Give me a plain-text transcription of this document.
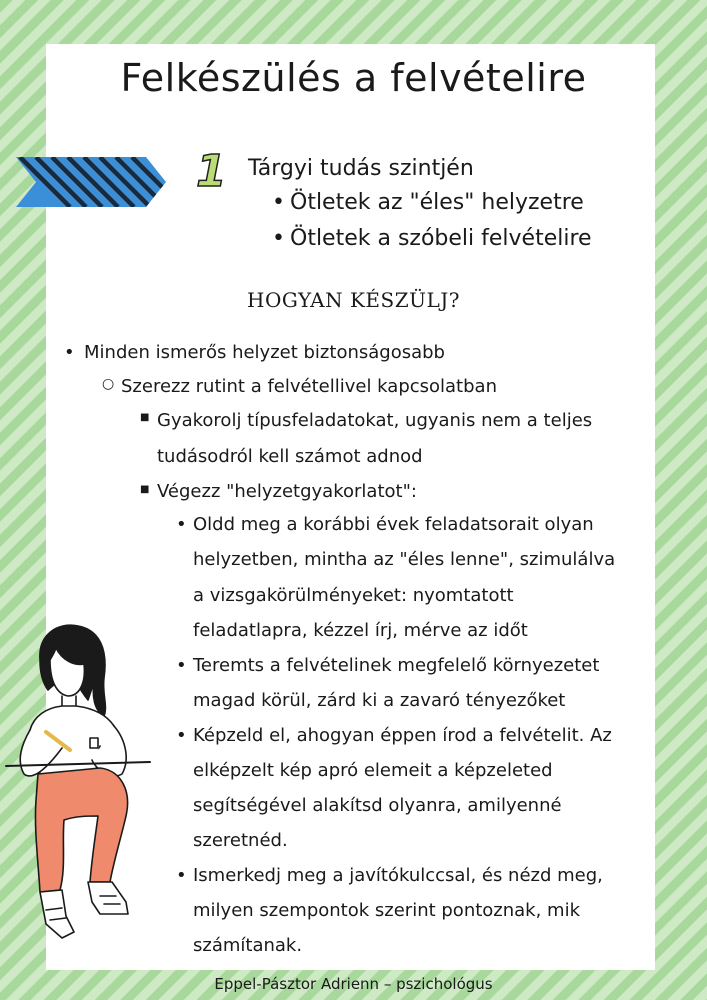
Felkészülés a felvételire
1 Tárgyi tudás szintjén
• Ötletek az "éles" helyzetre
• Ötletek a szóbeli felvételire
HOGYAN KÉSZÜLJ?
• Minden ismerős helyzet biztonságosabb
○ Szerezz rutint a felvétellivel kapcsolatban
■ Gyakorolj típusfeladatokat, ugyanis nem a teljes
tudásodról kell számot adnod
■ Végezz "helyzetgyakorlatot":
• Oldd meg a korábbi évek feladatsorait olyan
helyzetben, mintha az "éles lenne", szimulálva
a vizsgakörülményeket: nyomtatott
feladatlapra, kézzel írj, mérve az időt
• Teremts a felvételinek megfelelő környezetet
magad körül, zárd ki a zavaró tényezőket
• Képzeld el, ahogyan éppen írod a felvételit. Az
elképzelt kép apró elemeit a képzeleted
segítségével alakítsd olyanra, amilyenné
szeretnéd.
• Ismerkedj meg a javítókulccsal, és nézd meg,
milyen szempontok szerint pontoznak, mik
számítanak.
Eppel-Pásztor Adrienn – pszichológus
